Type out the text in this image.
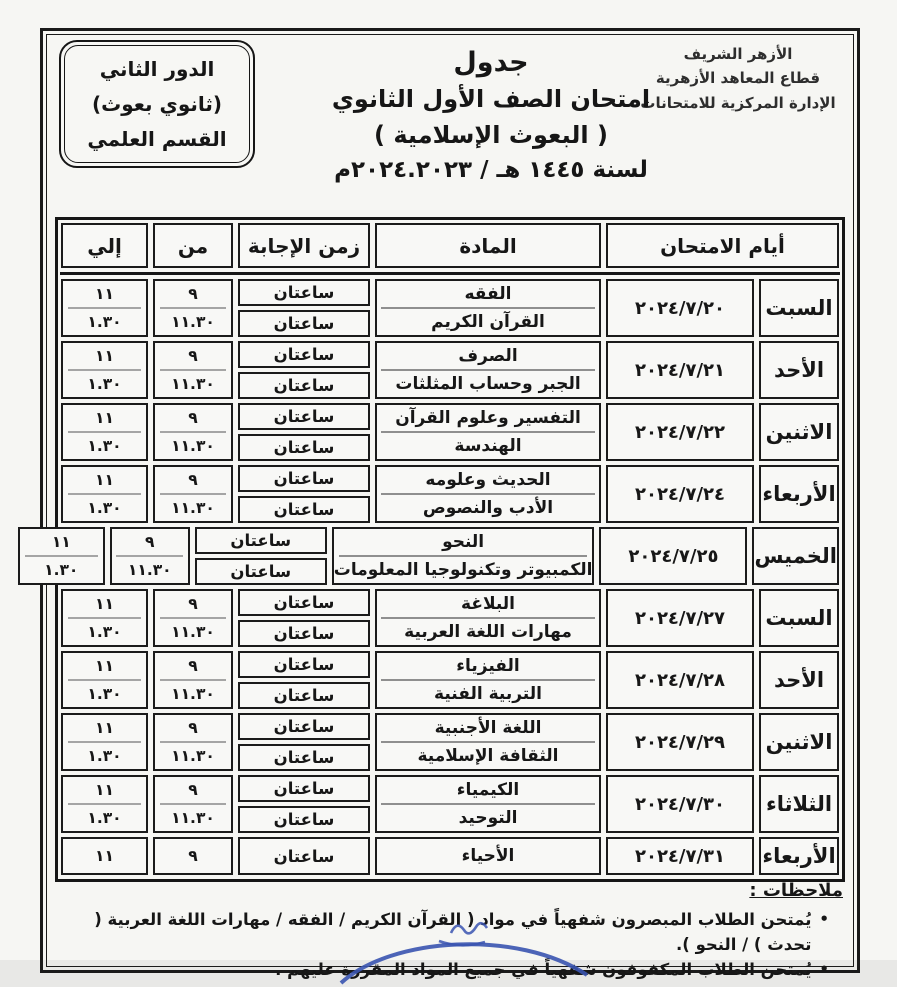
الدور الثاني
(ثانوي بعوث)
القسم العلمي
الأزهر الشريف
قطاع المعاهد الأزهرية
الإدارة المركزية للامتحانات
جدول
امتحان الصف الأول الثانوي
( البعوث الإسلامية )
لسنة ١٤٤٥ هـ / ٢٠٢٤.٢٠٢٣م
أيام الامتحان
المادة
زمن الإجابة
من
إلي
السبت
٢٠٢٤/٧/٢٠
الفقه
القرآن الكريم
ساعتان
ساعتان
٩
١١.٣٠
١١
١.٣٠
الأحد
٢٠٢٤/٧/٢١
الصرف
الجبر وحساب المثلثات
ساعتان
ساعتان
٩
١١.٣٠
١١
١.٣٠
الاثنين
٢٠٢٤/٧/٢٢
التفسير وعلوم القرآن
الهندسة
ساعتان
ساعتان
٩
١١.٣٠
١١
١.٣٠
الأربعاء
٢٠٢٤/٧/٢٤
الحديث وعلومه
الأدب والنصوص
ساعتان
ساعتان
٩
١١.٣٠
١١
١.٣٠
الخميس
٢٠٢٤/٧/٢٥
النحو
الكمبيوتر وتكنولوجيا المعلومات
ساعتان
ساعتان
٩
١١.٣٠
١١
١.٣٠
السبت
٢٠٢٤/٧/٢٧
البلاغة
مهارات اللغة العربية
ساعتان
ساعتان
٩
١١.٣٠
١١
١.٣٠
الأحد
٢٠٢٤/٧/٢٨
الفيزياء
التربية الفنية
ساعتان
ساعتان
٩
١١.٣٠
١١
١.٣٠
الاثنين
٢٠٢٤/٧/٢٩
اللغة الأجنبية
الثقافة الإسلامية
ساعتان
ساعتان
٩
١١.٣٠
١١
١.٣٠
الثلاثاء
٢٠٢٤/٧/٣٠
الكيمياء
التوحيد
ساعتان
ساعتان
٩
١١.٣٠
١١
١.٣٠
الأربعاء
٢٠٢٤/٧/٣١
الأحياء
ساعتان
٩
١١
ملاحظات :
•
يُمتحن الطلاب المبصرون شفهياً في مواد ( القرآن الكريم / الفقه / مهارات اللغة العربية ( تحدث ) / النحو ).
•
يُمتحن الطلاب المكفوفون شفهياً في جميع المواد المقررة عليهم .
